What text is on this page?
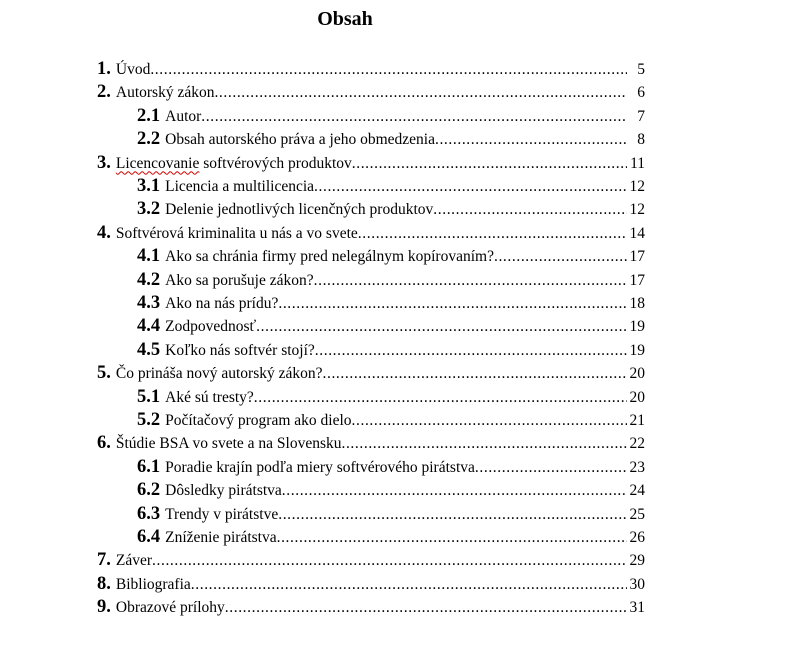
Obsah
1. Úvod .....	5
2. Autorský zákon .....	6
2.1 Autor .....	7
2.2 Obsah autorského práva a jeho obmedzenia .....	8
3. Licencovanie softvérových produktov .....	11
3.1 Licencia a multilicencia .....	12
3.2 Delenie jednotlivých licenčných produktov .....	12
4. Softvérová kriminalita u nás a vo svete .....	14
4.1 Ako sa chránia firmy pred nelegálnym kopírovaním? .....	17
4.2 Ako sa porušuje zákon? .....	17
4.3 Ako na nás prídu? .....	18
4.4 Zodpovednosť .....	19
4.5 Koľko nás softvér stojí? .....	19
5. Čo prináša nový autorský zákon? .....	20
5.1 Aké sú tresty? .....	20
5.2 Počítačový program ako dielo .....	21
6. Štúdie BSA vo svete a na Slovensku .....	22
6.1 Poradie krajín podľa miery softvérového pirátstva .....	23
6.2 Dôsledky pirátstva .....	24
6.3 Trendy v pirátstve .....	25
6.4 Zníženie pirátstva .....	26
7. Záver .....	29
8. Bibliografia .....	30
9. Obrazové prílohy .....	31
